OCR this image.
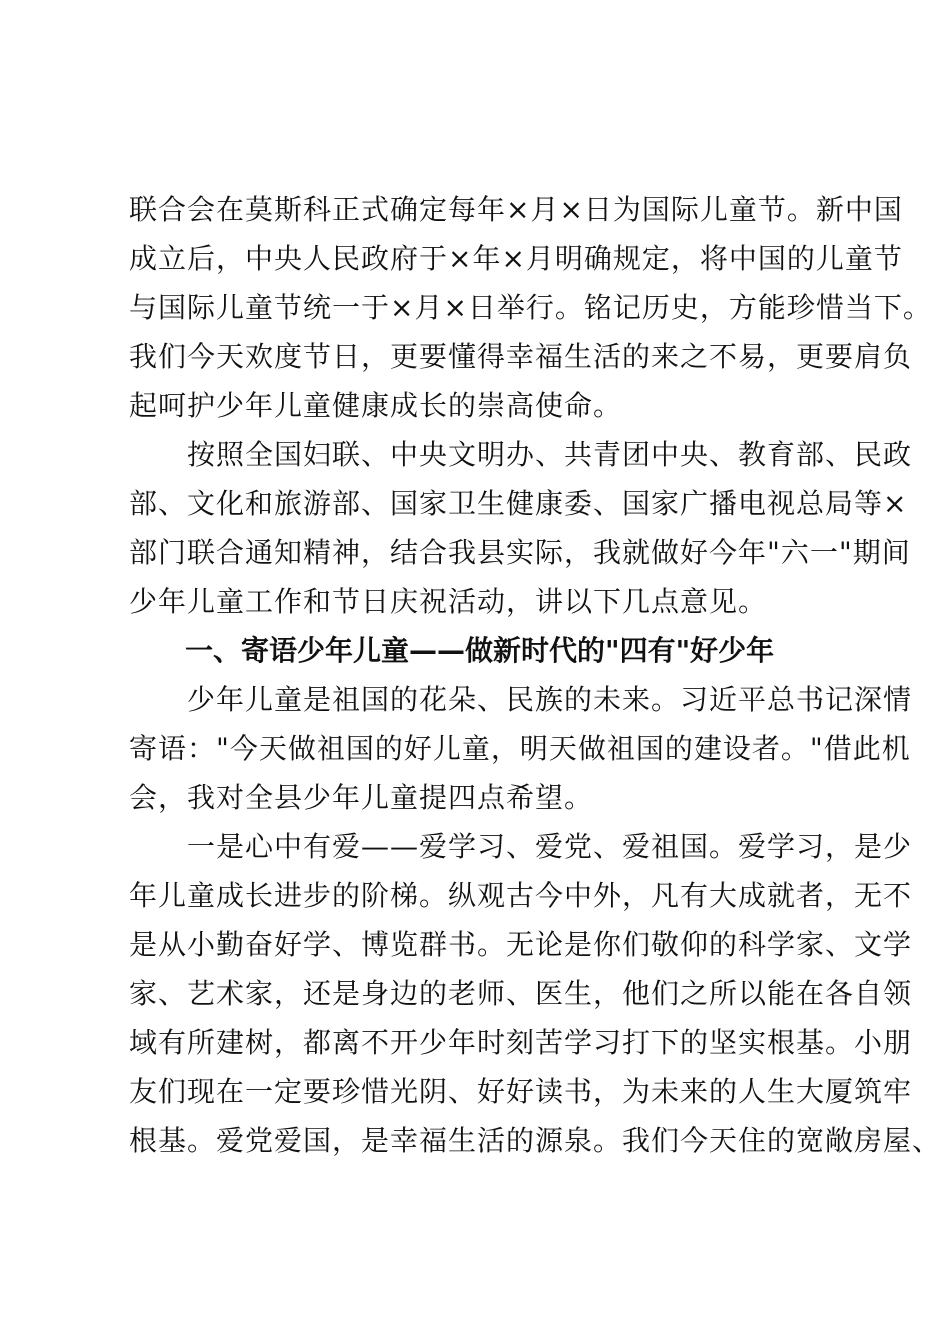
联合会在莫斯科正式确定每年×月×日为国际儿童节。新中国
成立后，中央人民政府于×年×月明确规定，将中国的儿童节
与国际儿童节统一于×月×日举行。铭记历史，方能珍惜当下。
我们今天欢度节日，更要懂得幸福生活的来之不易，更要肩负
起呵护少年儿童健康成长的崇高使命。
　　按照全国妇联、中央文明办、共青团中央、教育部、民政
部、文化和旅游部、国家卫生健康委、国家广播电视总局等×
部门联合通知精神，结合我县实际，我就做好今年"六一"期间
少年儿童工作和节日庆祝活动，讲以下几点意见。
　　一、寄语少年儿童——做新时代的"四有"好少年
　　少年儿童是祖国的花朵、民族的未来。习近平总书记深情
寄语："今天做祖国的好儿童，明天做祖国的建设者。"借此机
会，我对全县少年儿童提四点希望。
　　一是心中有爱——爱学习、爱党、爱祖国。爱学习，是少
年儿童成长进步的阶梯。纵观古今中外，凡有大成就者，无不
是从小勤奋好学、博览群书。无论是你们敬仰的科学家、文学
家、艺术家，还是身边的老师、医生，他们之所以能在各自领
域有所建树，都离不开少年时刻苦学习打下的坚实根基。小朋
友们现在一定要珍惜光阴、好好读书，为未来的人生大厦筑牢
根基。爱党爱国，是幸福生活的源泉。我们今天住的宽敞房屋、
